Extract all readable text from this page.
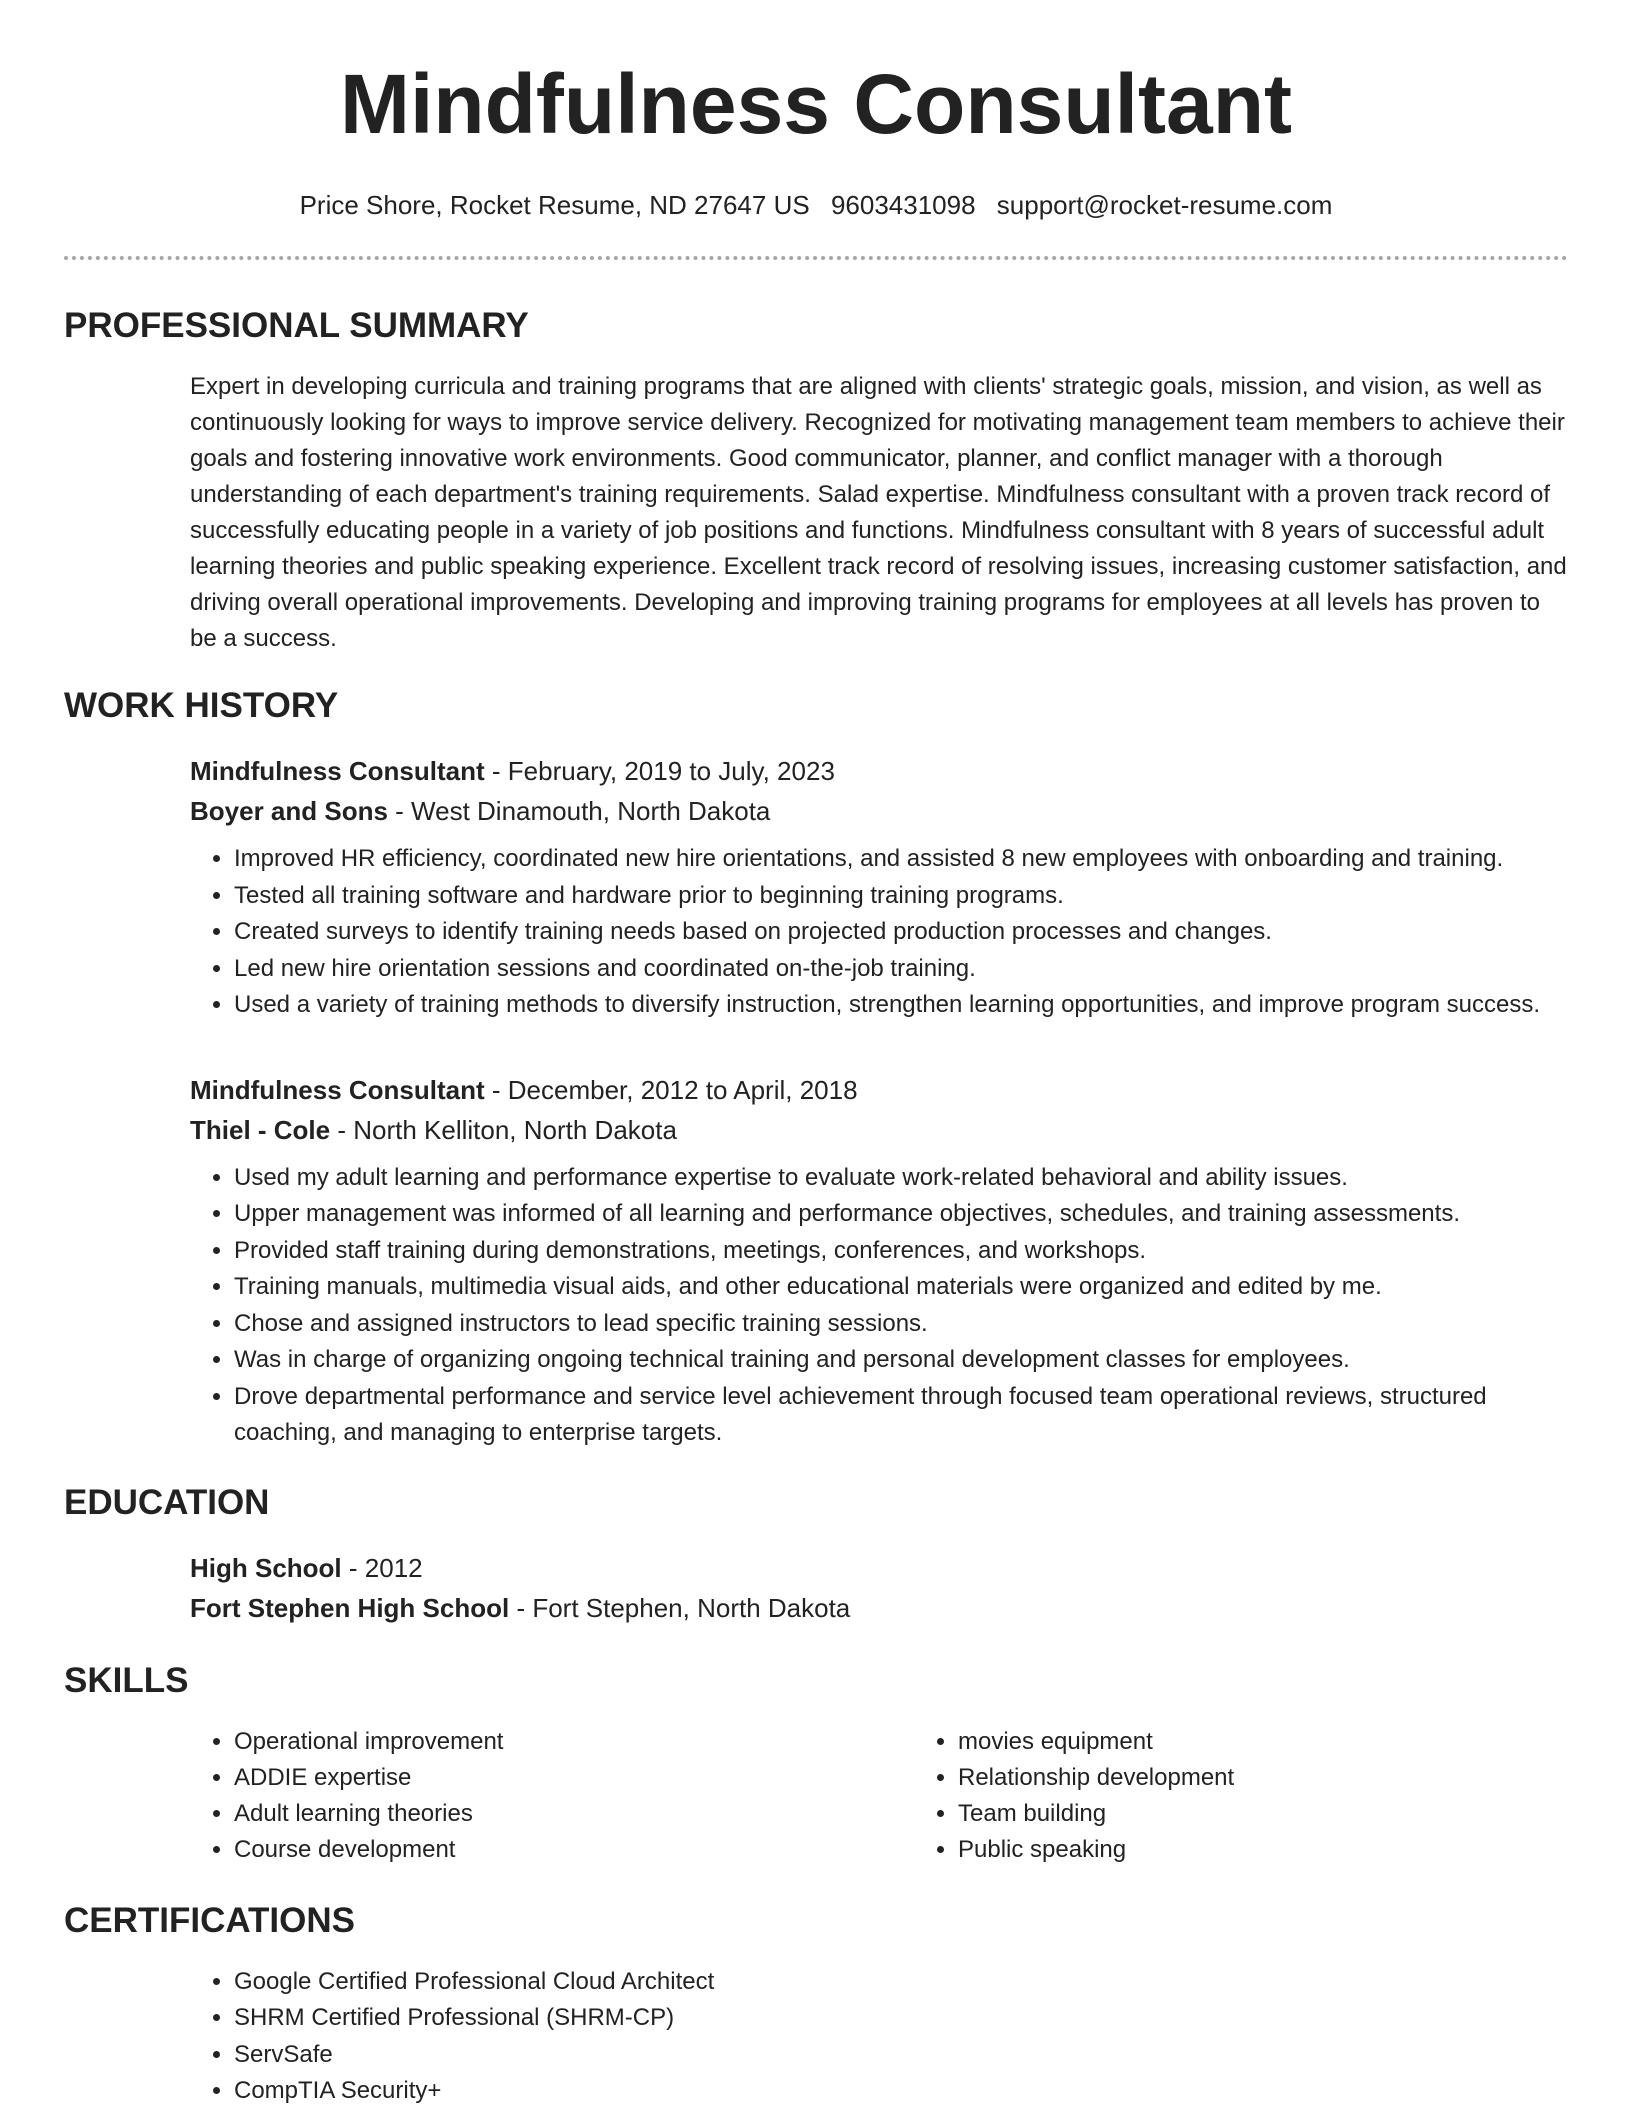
Mindfulness Consultant
Price Shore, Rocket Resume, ND 27647 US 9603431098 support@rocket-resume.com
PROFESSIONAL SUMMARY
Expert in developing curricula and training programs that are aligned with clients' strategic goals, mission, and vision, as well as continuously looking for ways to improve service delivery. Recognized for motivating management team members to achieve their goals and fostering innovative work environments. Good communicator, planner, and conflict manager with a thorough understanding of each department's training requirements. Salad expertise. Mindfulness consultant with a proven track record of successfully educating people in a variety of job positions and functions. Mindfulness consultant with 8 years of successful adult learning theories and public speaking experience. Excellent track record of resolving issues, increasing customer satisfaction, and driving overall operational improvements. Developing and improving training programs for employees at all levels has proven to be a success.
WORK HISTORY
Mindfulness Consultant - February, 2019 to July, 2023
Boyer and Sons - West Dinamouth, North Dakota
• Improved HR efficiency, coordinated new hire orientations, and assisted 8 new employees with onboarding and training.
• Tested all training software and hardware prior to beginning training programs.
• Created surveys to identify training needs based on projected production processes and changes.
• Led new hire orientation sessions and coordinated on-the-job training.
• Used a variety of training methods to diversify instruction, strengthen learning opportunities, and improve program success.
Mindfulness Consultant - December, 2012 to April, 2018
Thiel - Cole - North Kelliton, North Dakota
• Used my adult learning and performance expertise to evaluate work-related behavioral and ability issues.
• Upper management was informed of all learning and performance objectives, schedules, and training assessments.
• Provided staff training during demonstrations, meetings, conferences, and workshops.
• Training manuals, multimedia visual aids, and other educational materials were organized and edited by me.
• Chose and assigned instructors to lead specific training sessions.
• Was in charge of organizing ongoing technical training and personal development classes for employees.
• Drove departmental performance and service level achievement through focused team operational reviews, structured coaching, and managing to enterprise targets.
EDUCATION
High School - 2012
Fort Stephen High School - Fort Stephen, North Dakota
SKILLS
• Operational improvement
• ADDIE expertise
• Adult learning theories
• Course development
• movies equipment
• Relationship development
• Team building
• Public speaking
CERTIFICATIONS
• Google Certified Professional Cloud Architect
• SHRM Certified Professional (SHRM-CP)
• ServSafe
• CompTIA Security+
